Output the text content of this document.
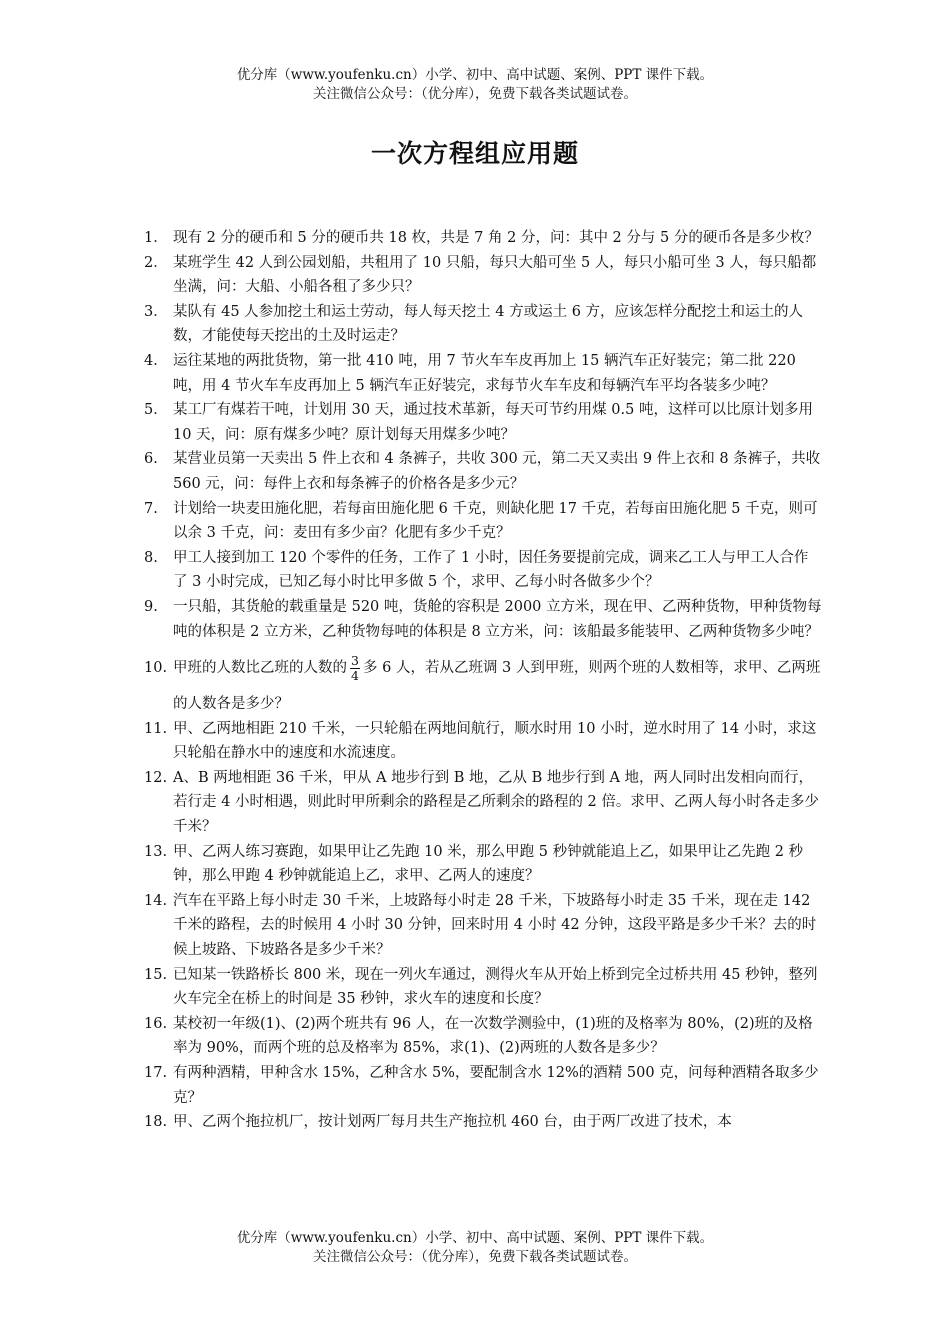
优分库（www.youfenku.cn）小学、初中、高中试题、案例、PPT 课件下载。
关注微信公众号：（优分库），免费下载各类试题试卷。
一次方程组应用题
1． 现有 2 分的硬币和 5 分的硬币共 18 枚，共是 7 角 2 分，问：其中 2 分与 5 分的硬币各是多少枚？
2． 某班学生 42 人到公园划船，共租用了 10 只船，每只大船可坐 5 人，每只小船可坐 3 人，每只船都坐满，问：大船、小船各租了多少只？
3． 某队有 45 人参加挖土和运土劳动，每人每天挖土 4 方或运土 6 方，应该怎样分配挖土和运土的人数，才能使每天挖出的土及时运走？
4． 运往某地的两批货物，第一批 410 吨，用 7 节火车车皮再加上 15 辆汽车正好装完；第二批 220 吨，用 4 节火车车皮再加上 5 辆汽车正好装完，求每节火车车皮和每辆汽车平均各装多少吨？
5． 某工厂有煤若干吨，计划用 30 天，通过技术革新，每天可节约用煤 0.5 吨，这样可以比原计划多用 10 天，问：原有煤多少吨？原计划每天用煤多少吨？
6.	某营业员第一天卖出 5 件上衣和 4 条裤子，共收 300 元，第二天又卖出 9 件上衣和 8 条裤子，共收 560 元，问：每件上衣和每条裤子的价格各是多少元？
7.	计划给一块麦田施化肥，若每亩田施化肥 6 千克，则缺化肥 17 千克，若每亩田施化肥 5 千克，则可以余 3 千克，问：麦田有多少亩？化肥有多少千克？
8.	甲工人接到加工 120 个零件的任务，工作了 1 小时，因任务要提前完成，调来乙工人与甲工人合作了 3 小时完成，已知乙每小时比甲多做 5 个，求甲、乙每小时各做多少个？
9.	一只船，其货舱的载重量是 520 吨，货舱的容积是 2000 立方米，现在甲、乙两种货物，甲种货物每吨的体积是 2 立方米，乙种货物每吨的体积是 8 立方米，问：该船最多能装甲、乙两种货物多少吨？
10. 甲班的人数比乙班的人数的 $\frac{3}{4}$ 多 6 人，若从乙班调 3 人到甲班，则两个班的人数相等，求甲、乙两班的人数各是多少？
11. 甲、乙两地相距 210 千米，一只轮船在两地间航行，顺水时用 10 小时，逆水时用了 14 小时，求这只轮船在静水中的速度和水流速度。
12. A、B 两地相距 36 千米，甲从 A 地步行到 B 地，乙从 B 地步行到 A 地，两人同时出发相向而行，若行走 4 小时相遇，则此时甲所剩余的路程是乙所剩余的路程的 2 倍。求甲、乙两人每小时各走多少千米？
13. 甲、乙两人练习赛跑，如果甲让乙先跑 10 米，那么甲跑 5 秒钟就能追上乙，如果甲让乙先跑 2 秒钟，那么甲跑 4 秒钟就能追上乙，求甲、乙两人的速度？
14. 汽车在平路上每小时走 30 千米，上坡路每小时走 28 千米，下坡路每小时走 35 千米，现在走 142 千米的路程，去的时候用 4 小时 30 分钟，回来时用 4 小时 42 分钟，这段平路是多少千米？去的时候上坡路、下坡路各是多少千米？
15. 已知某一铁路桥长 800 米，现在一列火车通过，测得火车从开始上桥到完全过桥共用 45 秒钟，整列火车完全在桥上的时间是 35 秒钟，求火车的速度和长度？
16. 某校初一年级(1)、(2)两个班共有 96 人，在一次数学测验中，(1)班的及格率为 80%，(2)班的及格率为 90%，而两个班的总及格率为 85%，求(1)、(2)两班的人数各是多少？
17. 有两种酒精，甲种含水 15%，乙种含水 5%，要配制含水 12%的酒精 500 克，问每种酒精各取多少克？
18. 甲、乙两个拖拉机厂，按计划两厂每月共生产拖拉机 460 台，由于两厂改进了技术，本
优分库（www.youfenku.cn）小学、初中、高中试题、案例、PPT 课件下载。
关注微信公众号：（优分库），免费下载各类试题试卷。
